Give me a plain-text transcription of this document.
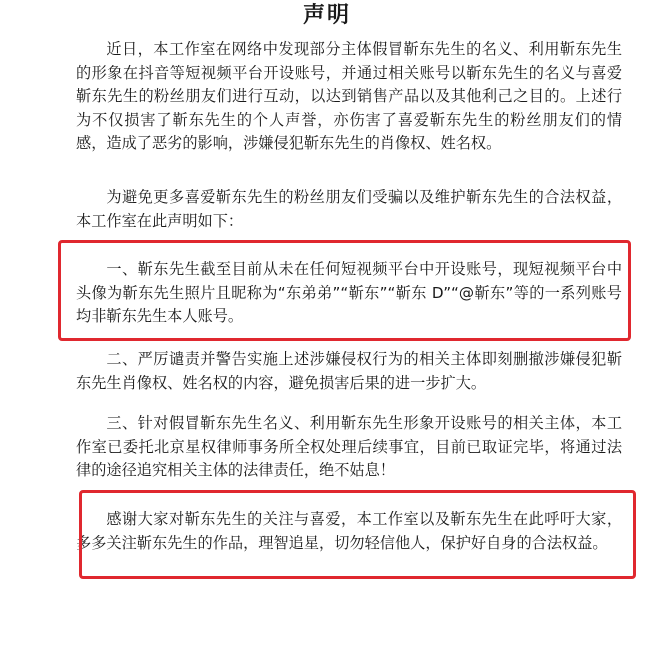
声明

近日，本工作室在网络中发现部分主体假冒靳东先生的名义、利用靳东先生的形象在抖音等短视频平台开设账号，并通过相关账号以靳东先生的名义与喜爱靳东先生的粉丝朋友们进行互动，以达到销售产品以及其他利己之目的。上述行为不仅损害了靳东先生的个人声誉，亦伤害了喜爱靳东先生的粉丝朋友们的情感，造成了恶劣的影响，涉嫌侵犯靳东先生的肖像权、姓名权。

为避免更多喜爱靳东先生的粉丝朋友们受骗以及维护靳东先生的合法权益，本工作室在此声明如下：

一、靳东先生截至目前从未在任何短视频平台中开设账号，现短视频平台中头像为靳东先生照片且昵称为“东弟弟”“靳东”“靳东 D”“@靳东”等的一系列账号均非靳东先生本人账号。

二、严厉谴责并警告实施上述涉嫌侵权行为的相关主体即刻删撤涉嫌侵犯靳东先生肖像权、姓名权的内容，避免损害后果的进一步扩大。

三、针对假冒靳东先生名义、利用靳东先生形象开设账号的相关主体，本工作室已委托北京星权律师事务所全权处理后续事宜，目前已取证完毕，将通过法律的途径追究相关主体的法律责任，绝不姑息！

感谢大家对靳东先生的关注与喜爱，本工作室以及靳东先生在此呼吁大家，多多关注靳东先生的作品，理智追星，切勿轻信他人，保护好自身的合法权益。
